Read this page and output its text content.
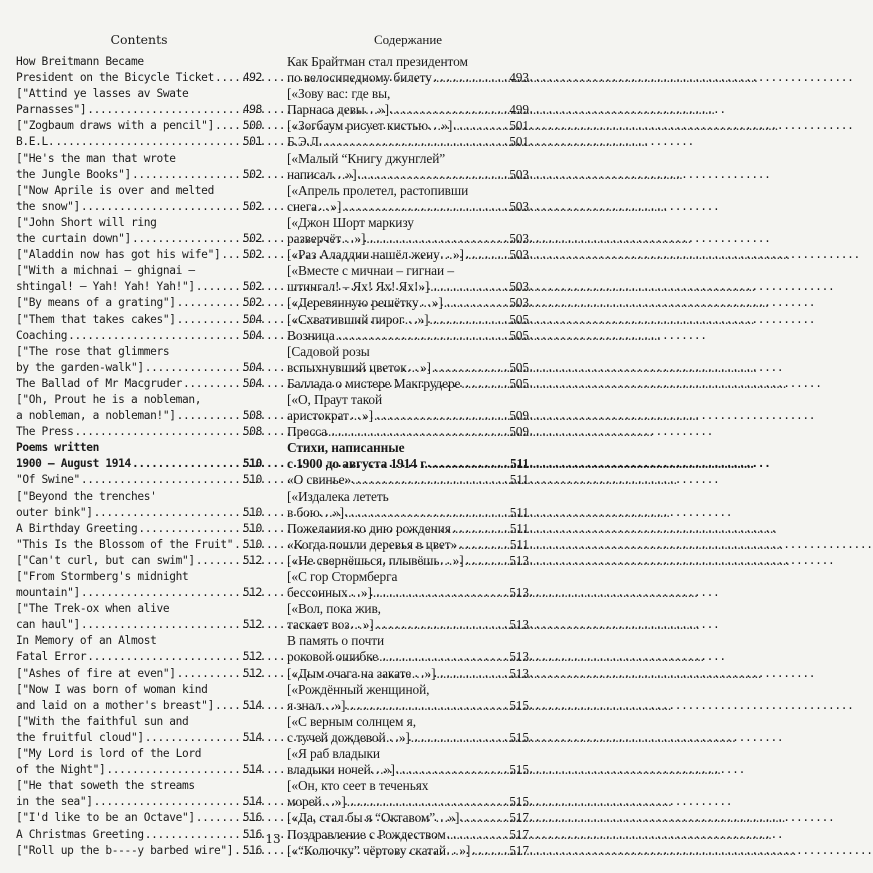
Contents
How Breitmann Became
President on the Bicycle Ticket .....	492
["Attind ye lasses av Swate
Parnasses"] .....	498
["Zogbaum draws with a pencil"] .....	500
B.E.L. .....	501
["He's the man that wrote
the Jungle Books"] .....	502
["Now Aprile is over and melted
the snow"] .....	502
["John Short will ring
the curtain down"] .....	502
["Aladdin now has got his wife"] ..... 502
["With a michnai – ghignai –
shtingal! – Yah! Yah! Yah!"] .....	502
["By means of a grating"] .....	502
["Them that takes cakes"] .....	504
Coaching .....	504
["The rose that glimmers
by the garden-walk"] .....	504
The Ballad of Mr Macgruder .....	504
["Oh, Prout he is a nobleman,
a nobleman, a nobleman!"] .....	508
The Press .....	508
Poems written
1900 – August 1914 .....	510
"Of Swine" .....	510
["Beyond the trenches'
outer bink"] .....	510
A Birthday Greeting .....	510
"This Is the Blossom of the Fruit" ..... 510
["Can't curl, but can swim"] .....	512
["From Stormberg's midnight
mountain"] .....	512
["The Trek-ox when alive
can haul"] .....	512
In Memory of an Almost
Fatal Error .....	512
["Ashes of fire at even"] .....	512
["Now I was born of woman kind
and laid on a mother's breast"] .....	514
["With the faithful sun and
the fruitful cloud"] .....	514
["My Lord is lord of the Lord
of the Night"] .....	514
["He that soweth the streams
in the sea"] .....	514
["I'd like to be an Octave"] .....	516
A Christmas Greeting .....	516
["Roll up the b----y barbed wire"] ..... 516
Содержание
Как Брайтман стал президентом
по велосипедному билету .....	493
[«Зову вас: где вы,
Парнаса девы…»] .....	499
[«Зогбаум рисует кистью…»] .....	501
Б.Э.Л. .....	501
[«Малый “Книгу джунглей”
написал…»] .....	503
[«Апрель пролетел, растопивши
снега…»] .....	503
[«Джон Шорт маркизу
разверчёт…»] .....	503
[«Раз Аладдин нашёл жену…»] .....	503
[«Вместе с мичнаи – гигнаи –
штингал! – Ях! Ях! Ях!»] .....	503
[«Деревянную решётку…»] .....	503
[«Схвативший пирог…»] .....	505
Возница .....	505
[Садовой розы
вспыхнувший цветок…»] .....	505
Баллада о мистере Макгрудере .....	505
[«О, Праут такой
аристократ…»] .....	509
Пресса .....	509
Стихи, написанные
с 1900 до августа 1914 г. .....	511
«О свинье» .....	511
[«Издалека лететь
в бою…»] .....	511
Пожелания ко дню рождения .....	511
«Когда пошли деревья в цвет» .....	511
[«Не свернёшься, плывёшь…»] .....	513
[«С гор Стормберга
бессонных…»] .....	513
[«Вол, пока жив,
таскает воз…»] .....	513
В память о почти
роковой ошибке .....	513
[«Дым очага на закате…»] .....	513
[«Рождённый женщиной,
я знал…»] .....	515
[«С верным солнцем я,
с тучей дождевой…»] .....	515
[«Я раб владыки
владыки ночей…»] .....	515
[«Он, кто сеет в теченьях
морей…»] .....	515
[«Да, стал бы я “Октавом”…»] .....	517
Поздравление с Рождеством .....	517
[«“Колючку” чёртову скатай…»] .....	517
13
